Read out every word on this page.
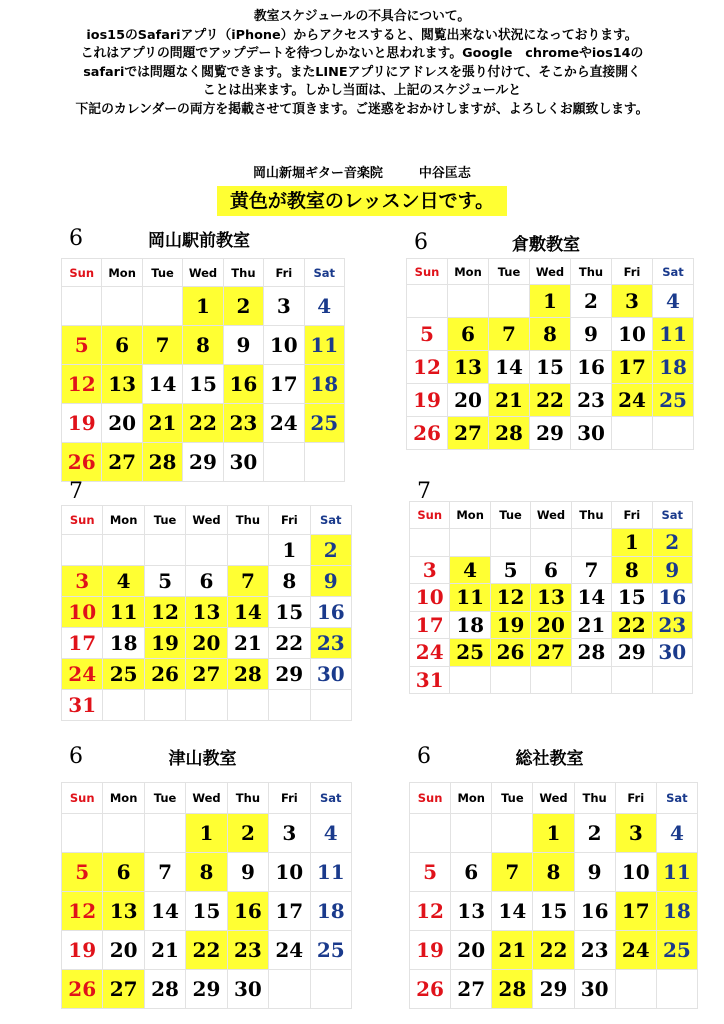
教室スケジュールの不具合について。
ios15のSafariアプリ（iPhone）からアクセスすると、閲覧出来ない状況になっております。
これはアプリの問題でアップデートを待つしかないと思われます。Google　chromeやios14の
safariでは問題なく閲覧できます。またLINEアプリにアドレスを張り付けて、そこから直接開く
ことは出来ます。しかし当面は、上記のスケジュールと
下記のカレンダーの両方を掲載させて頂きます。ご迷惑をおかけしますが、よろしくお願致します。
岡山新堀ギター音楽院	中谷匡志
黄色が教室のレッスン日です。
6	岡山駅前教室
Sun	Mon	Tue	Wed	Thu	Fri	Sat
			1	2	3	4
5	6	7	8	9	10	11
12	13	14	15	16	17	18
19	20	21	22	23	24	25
26	27	28	29	30		
6	倉敷教室
Sun	Mon	Tue	Wed	Thu	Fri	Sat
			1	2	3	4
5	6	7	8	9	10	11
12	13	14	15	16	17	18
19	20	21	22	23	24	25
26	27	28	29	30		
7
Sun	Mon	Tue	Wed	Thu	Fri	Sat
					1	2
3	4	5	6	7	8	9
10	11	12	13	14	15	16
17	18	19	20	21	22	23
24	25	26	27	28	29	30
31						
7
Sun	Mon	Tue	Wed	Thu	Fri	Sat
					1	2
3	4	5	6	7	8	9
10	11	12	13	14	15	16
17	18	19	20	21	22	23
24	25	26	27	28	29	30
31						
6	津山教室
Sun	Mon	Tue	Wed	Thu	Fri	Sat
			1	2	3	4
5	6	7	8	9	10	11
12	13	14	15	16	17	18
19	20	21	22	23	24	25
26	27	28	29	30		
6	総社教室
Sun	Mon	Tue	Wed	Thu	Fri	Sat
			1	2	3	4
5	6	7	8	9	10	11
12	13	14	15	16	17	18
19	20	21	22	23	24	25
26	27	28	29	30		
